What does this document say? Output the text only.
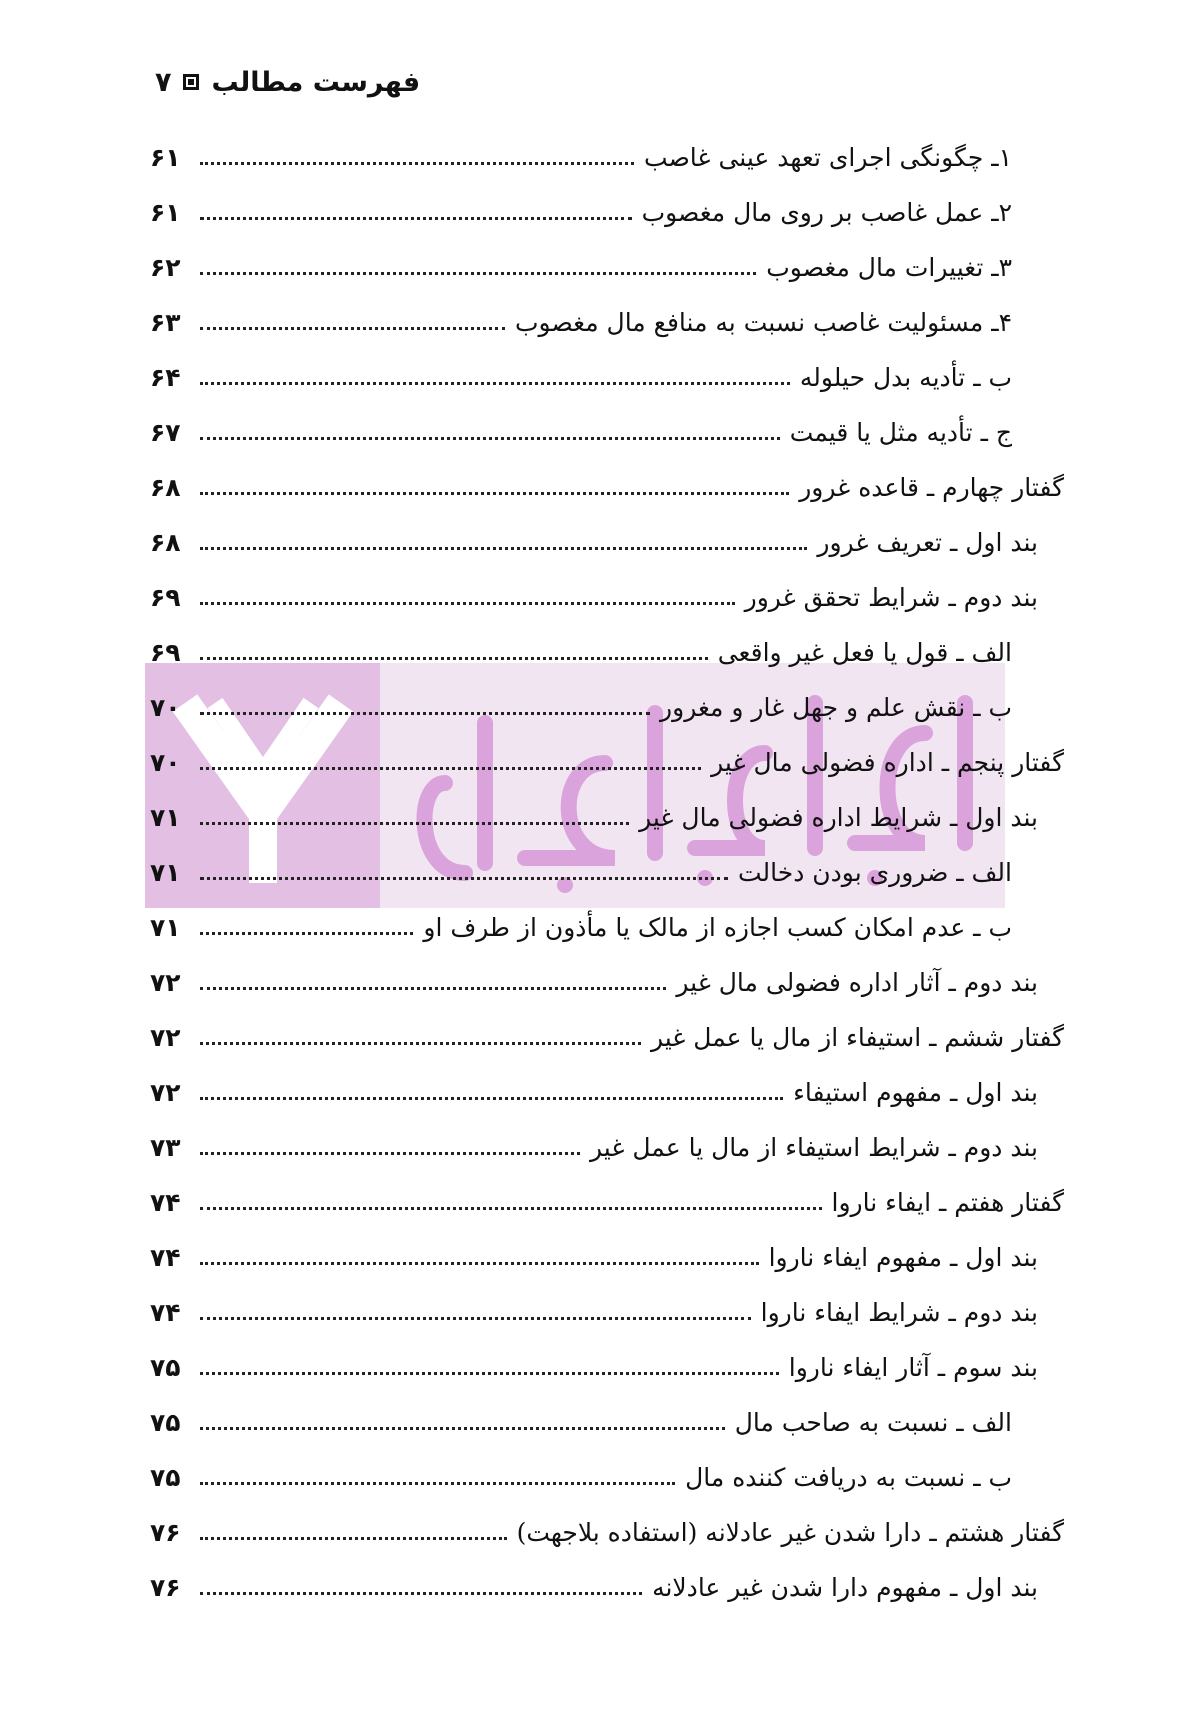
۷ فهرست مطالب
۱ـ چگونگی اجرای تعهد عینی غاصب
۶۱
۲ـ عمل غاصب بر روی مال مغصوب
۶۱
۳ـ تغییرات مال مغصوب
۶۲
۴ـ مسئولیت غاصب نسبت به منافع مال مغصوب
۶۳
ب ـ تأدیه بدل حیلوله
۶۴
ج ـ تأدیه مثل یا قیمت
۶۷
گفتار چهارم ـ قاعده غرور
۶۸
بند اول ـ تعریف غرور
۶۸
بند دوم ـ شرایط تحقق غرور
۶۹
الف ـ قول یا فعل غیر واقعی
۶۹
ب ـ نقش علم و جهل غار و مغرور
۷۰
گفتار پنجم ـ اداره فضولی مال غیر
۷۰
بند اول ـ شرایط اداره فضولی مال غیر
۷۱
الف ـ ضروری بودن دخالت
۷۱
ب ـ عدم امکان کسب اجازه از مالک یا مأذون از طرف او
۷۱
بند دوم ـ آثار اداره فضولی مال غیر
۷۲
گفتار ششم ـ استیفاء از مال یا عمل غیر
۷۲
بند اول ـ مفهوم استیفاء
۷۲
بند دوم ـ شرایط استیفاء از مال یا عمل غیر
۷۳
گفتار هفتم ـ ایفاء ناروا
۷۴
بند اول ـ مفهوم ایفاء ناروا
۷۴
بند دوم ـ شرایط ایفاء ناروا
۷۴
بند سوم ـ آثار ایفاء ناروا
۷۵
الف ـ نسبت به صاحب مال
۷۵
ب ـ نسبت به دریافت کننده مال
۷۵
گفتار هشتم ـ دارا شدن غیر عادلانه (استفاده بلاجهت)
۷۶
بند اول ـ مفهوم دارا شدن غیر عادلانه
۷۶
